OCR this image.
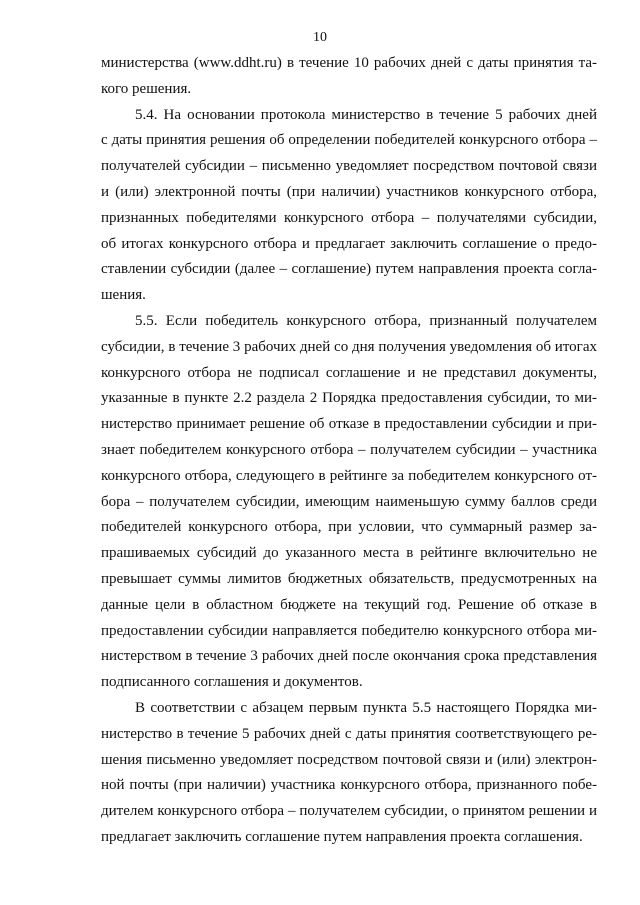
10
министерства (www.ddht.ru) в течение 10 рабочих дней с даты принятия та-
кого решения.
5.4. На основании протокола министерство в течение 5 рабочих дней
с даты принятия решения об определении победителей конкурсного отбора –
получателей субсидии – письменно уведомляет посредством почтовой связи
и (или) электронной почты (при наличии) участников конкурсного отбора,
признанных победителями конкурсного отбора – получателями субсидии,
об итогах конкурсного отбора и предлагает заключить соглашение о предо-
ставлении субсидии (далее – соглашение) путем направления проекта согла-
шения.
5.5. Если победитель конкурсного отбора, признанный получателем
субсидии, в течение 3 рабочих дней со дня получения уведомления об итогах
конкурсного отбора не подписал соглашение и не представил документы,
указанные в пункте 2.2 раздела 2 Порядка предоставления субсидии, то ми-
нистерство принимает решение об отказе в предоставлении субсидии и при-
знает победителем конкурсного отбора – получателем субсидии – участника
конкурсного отбора, следующего в рейтинге за победителем конкурсного от-
бора – получателем субсидии, имеющим наименьшую сумму баллов среди
победителей конкурсного отбора, при условии, что суммарный размер за-
прашиваемых субсидий до указанного места в рейтинге включительно не
превышает суммы лимитов бюджетных обязательств, предусмотренных на
данные цели в областном бюджете на текущий год. Решение об отказе в
предоставлении субсидии направляется победителю конкурсного отбора ми-
нистерством в течение 3 рабочих дней после окончания срока представления
подписанного соглашения и документов.
В соответствии с абзацем первым пункта 5.5 настоящего Порядка ми-
нистерство в течение 5 рабочих дней с даты принятия соответствующего ре-
шения письменно уведомляет посредством почтовой связи и (или) электрон-
ной почты (при наличии) участника конкурсного отбора, признанного побе-
дителем конкурсного отбора – получателем субсидии, о принятом решении и
предлагает заключить соглашение путем направления проекта соглашения.
